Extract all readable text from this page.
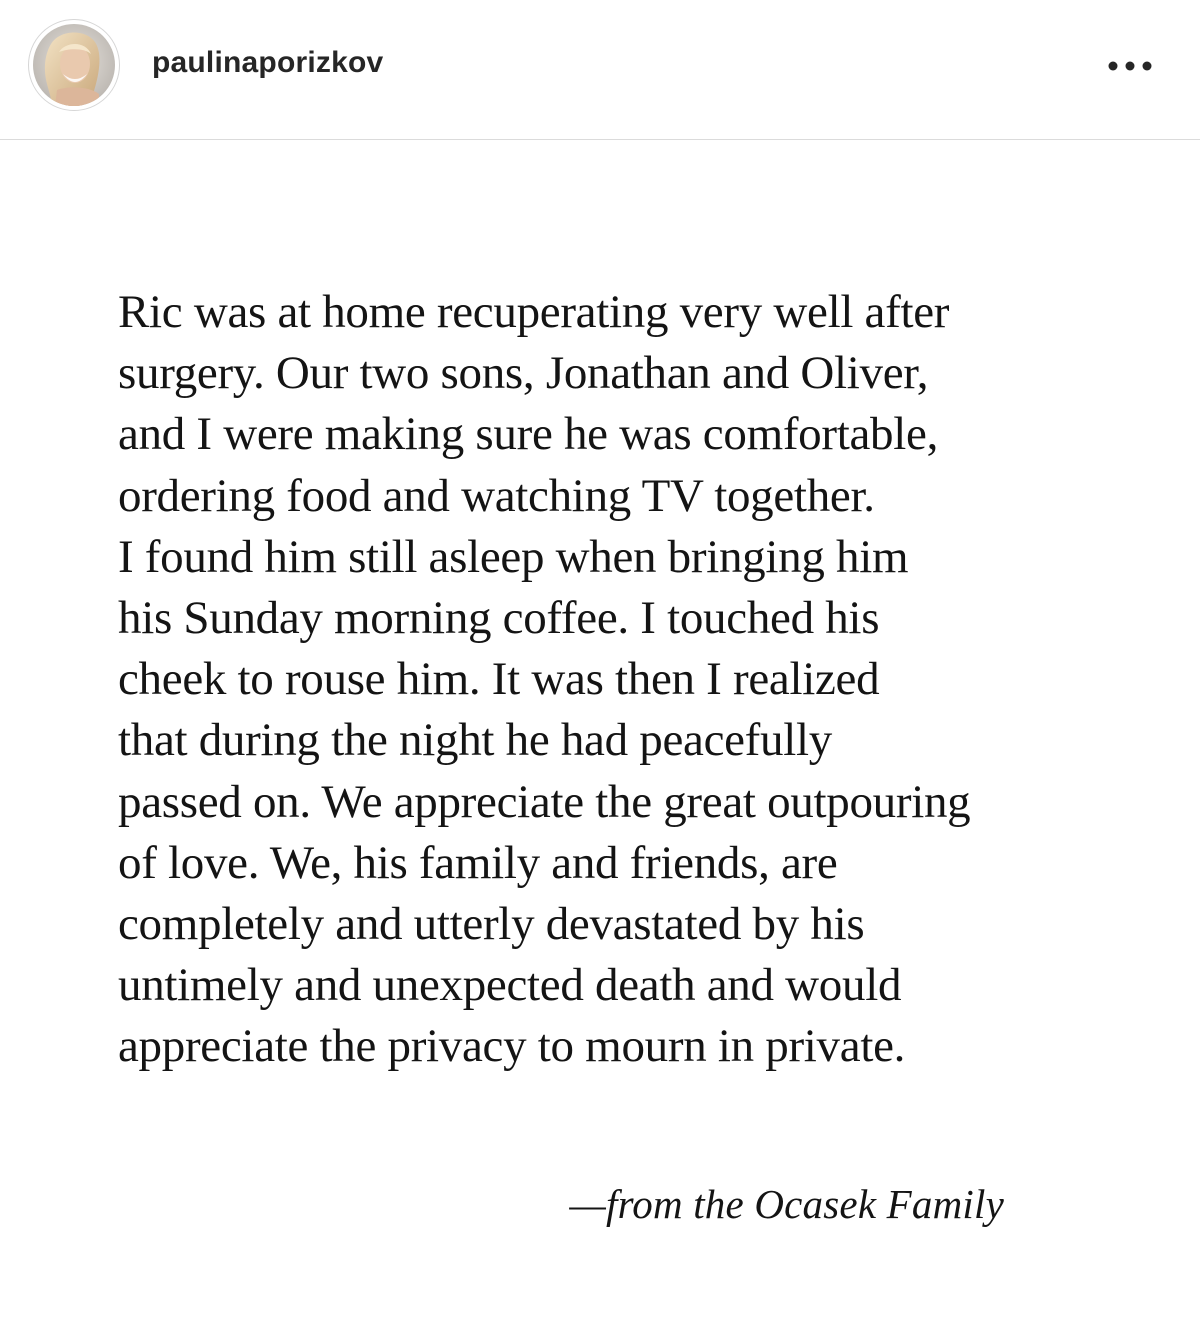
paulinaporizkov

Ric was at home recuperating very well after
surgery. Our two sons, Jonathan and Oliver,
and I were making sure he was comfortable,
ordering food and watching TV together.
I found him still asleep when bringing him
his Sunday morning coffee. I touched his
cheek to rouse him. It was then I realized
that during the night he had peacefully
passed on. We appreciate the great outpouring
of love. We, his family and friends, are
completely and utterly devastated by his
untimely and unexpected death and would
appreciate the privacy to mourn in private.

—from the Ocasek Family
